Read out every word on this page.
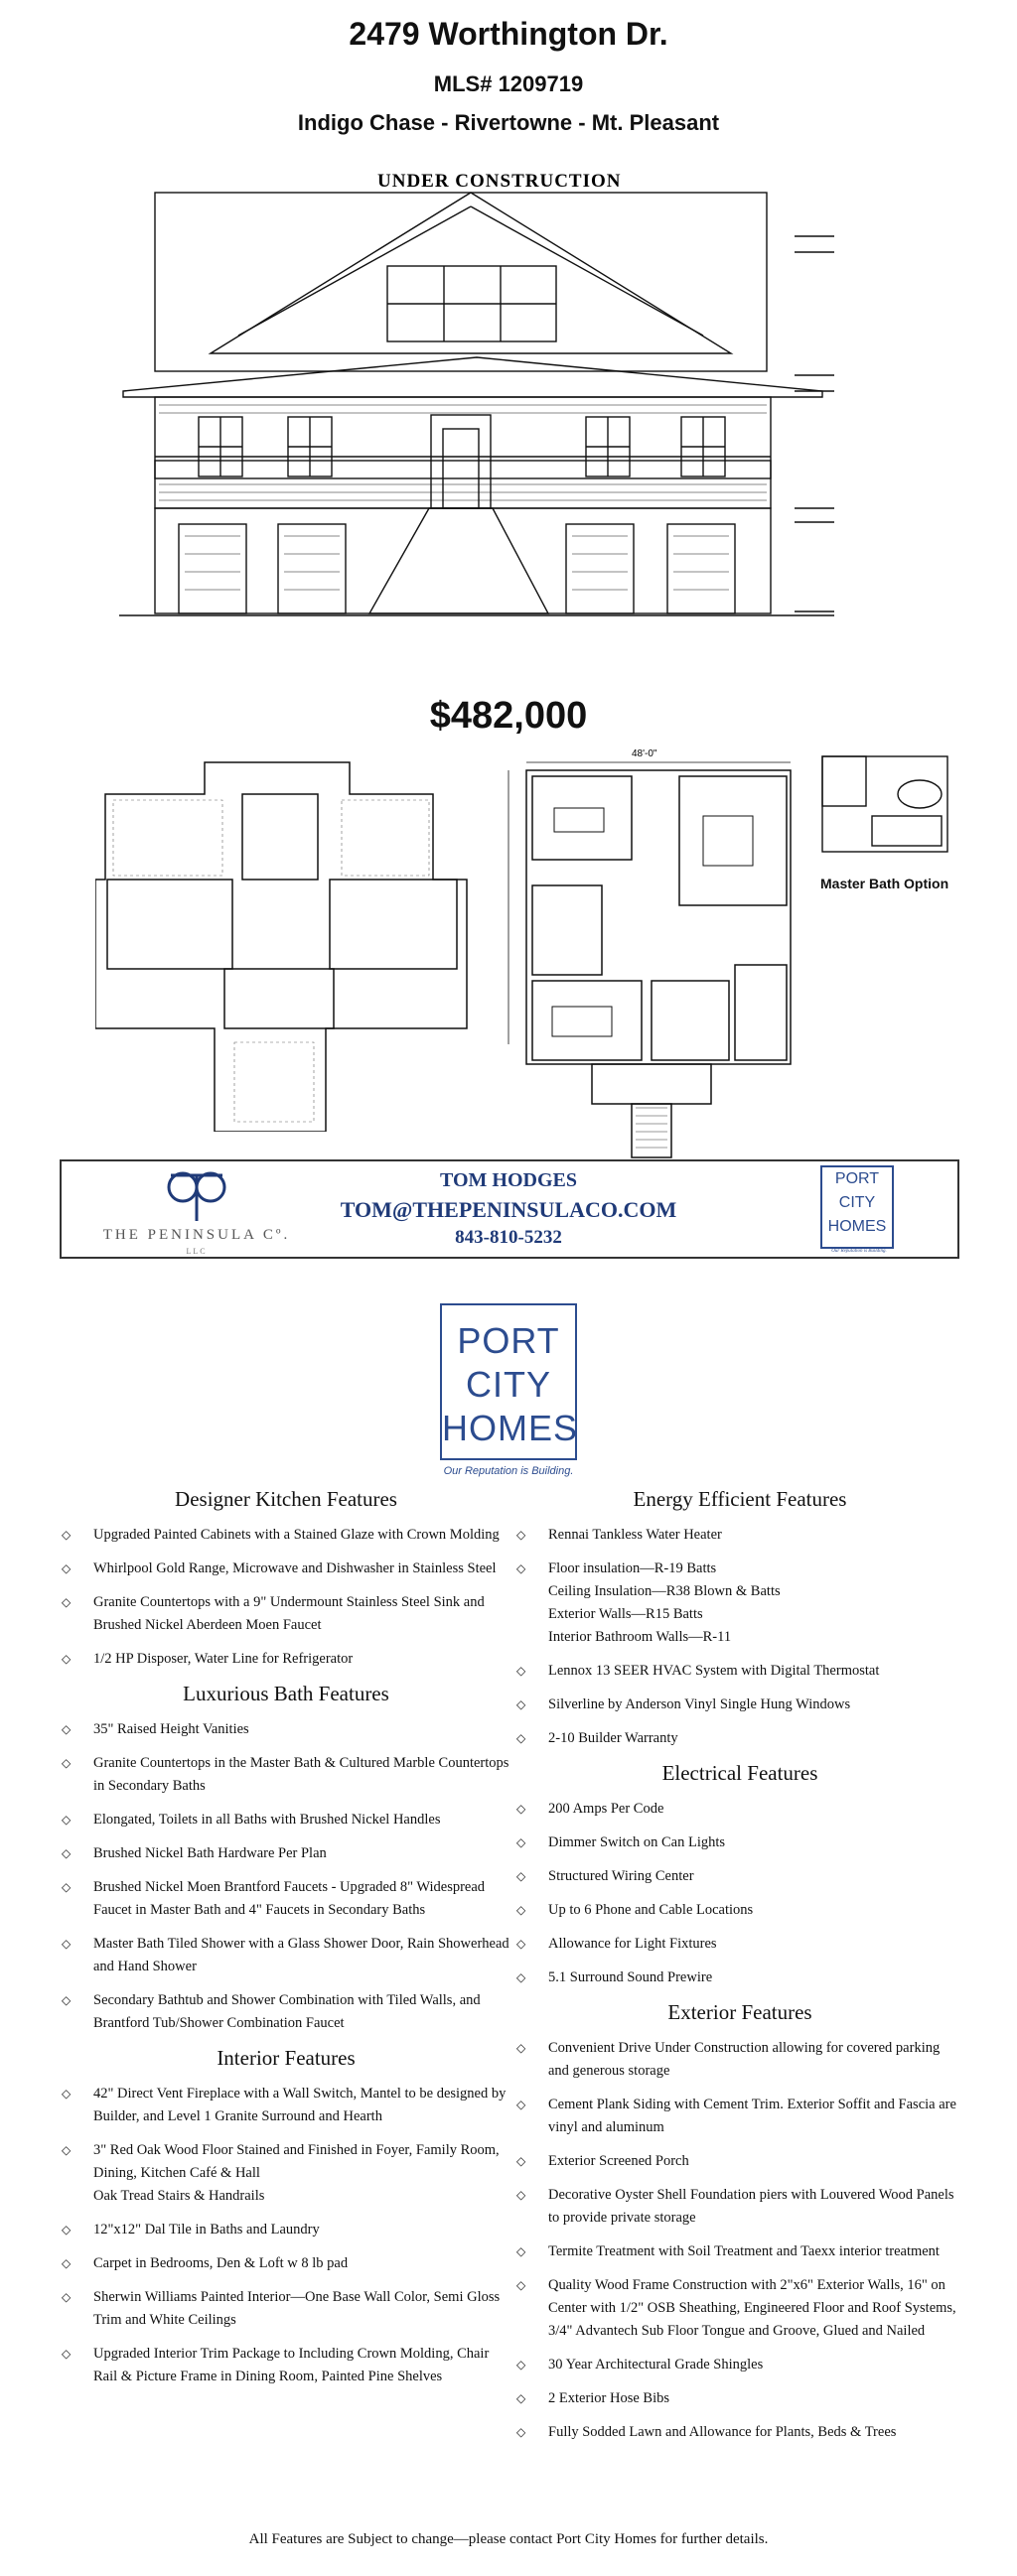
2479 Worthington Dr.
MLS# 1209719
Indigo Chase - Rivertowne - Mt. Pleasant
UNDER CONSTRUCTION
$482,000
48'-0"
Master Bath Option
THE PENINSULA Cº.
LLC
TOM HODGES
TOM@THEPENINSULACO.COM
843-810-5232
PORT
CITY
HOMES
Our Reputation is Building.
PORT
CITY
HOMES
Our Reputation is Building.
Designer Kitchen Features
◇	Upgraded Painted Cabinets with a Stained Glaze with Crown Molding
◇	Whirlpool Gold Range, Microwave and Dishwasher in Stainless Steel
◇	Granite Countertops with a 9" Undermount Stainless Steel Sink and Brushed Nickel Aberdeen Moen Faucet
◇	1/2 HP Disposer, Water Line for Refrigerator
Luxurious Bath Features
◇	35" Raised Height Vanities
◇	Granite Countertops in the Master Bath & Cultured Marble Countertops in Secondary Baths
◇	Elongated, Toilets in all Baths with Brushed Nickel Handles
◇	Brushed Nickel Bath Hardware Per Plan
◇	Brushed Nickel Moen Brantford Faucets - Upgraded 8" Widespread Faucet in Master Bath and 4" Faucets in Secondary Baths
◇	Master Bath Tiled Shower with a Glass Shower Door, Rain Showerhead and Hand Shower
◇	Secondary Bathtub and Shower Combination with Tiled Walls, and Brantford Tub/Shower Combination Faucet
Interior Features
◇	42" Direct Vent Fireplace with a Wall Switch, Mantel to be designed by Builder, and Level 1 Granite Surround and Hearth
◇	3" Red Oak Wood Floor Stained and Finished in Foyer, Family Room, Dining, Kitchen Café & Hall
Oak Tread Stairs & Handrails
◇	12"x12" Dal Tile in Baths and Laundry
◇	Carpet in Bedrooms, Den & Loft w 8 lb pad
◇	Sherwin Williams Painted Interior—One Base Wall Color, Semi Gloss Trim and White Ceilings
◇	Upgraded Interior Trim Package to Including Crown Molding, Chair Rail & Picture Frame in Dining Room, Painted Pine Shelves
Energy Efficient Features
◇	Rennai Tankless Water Heater
◇	Floor insulation—R-19 Batts
Ceiling Insulation—R38 Blown & Batts
Exterior Walls—R15 Batts
Interior Bathroom Walls—R-11
◇	Lennox 13 SEER HVAC System with Digital Thermostat
◇	Silverline by Anderson Vinyl Single Hung Windows
◇	2-10 Builder Warranty
Electrical Features
◇	200 Amps Per Code
◇	Dimmer Switch on Can Lights
◇	Structured Wiring Center
◇	Up to 6 Phone and Cable Locations
◇	Allowance for Light Fixtures
◇	5.1 Surround Sound Prewire
Exterior Features
◇	Convenient Drive Under Construction allowing for covered parking and generous storage
◇	Cement Plank Siding with Cement Trim. Exterior Soffit and Fascia are vinyl and aluminum
◇	Exterior Screened Porch
◇	Decorative Oyster Shell Foundation piers with Louvered Wood Panels to provide private storage
◇	Termite Treatment with Soil Treatment and Taexx interior treatment
◇	Quality Wood Frame Construction with 2"x6" Exterior Walls, 16" on Center with 1/2" OSB Sheathing, Engineered Floor and Roof Systems, 3/4" Advantech Sub Floor Tongue and Groove, Glued and Nailed
◇	30 Year Architectural Grade Shingles
◇	2 Exterior Hose Bibs
◇	Fully Sodded Lawn and Allowance for Plants, Beds & Trees
All Features are Subject to change—please contact Port City Homes for further details.
